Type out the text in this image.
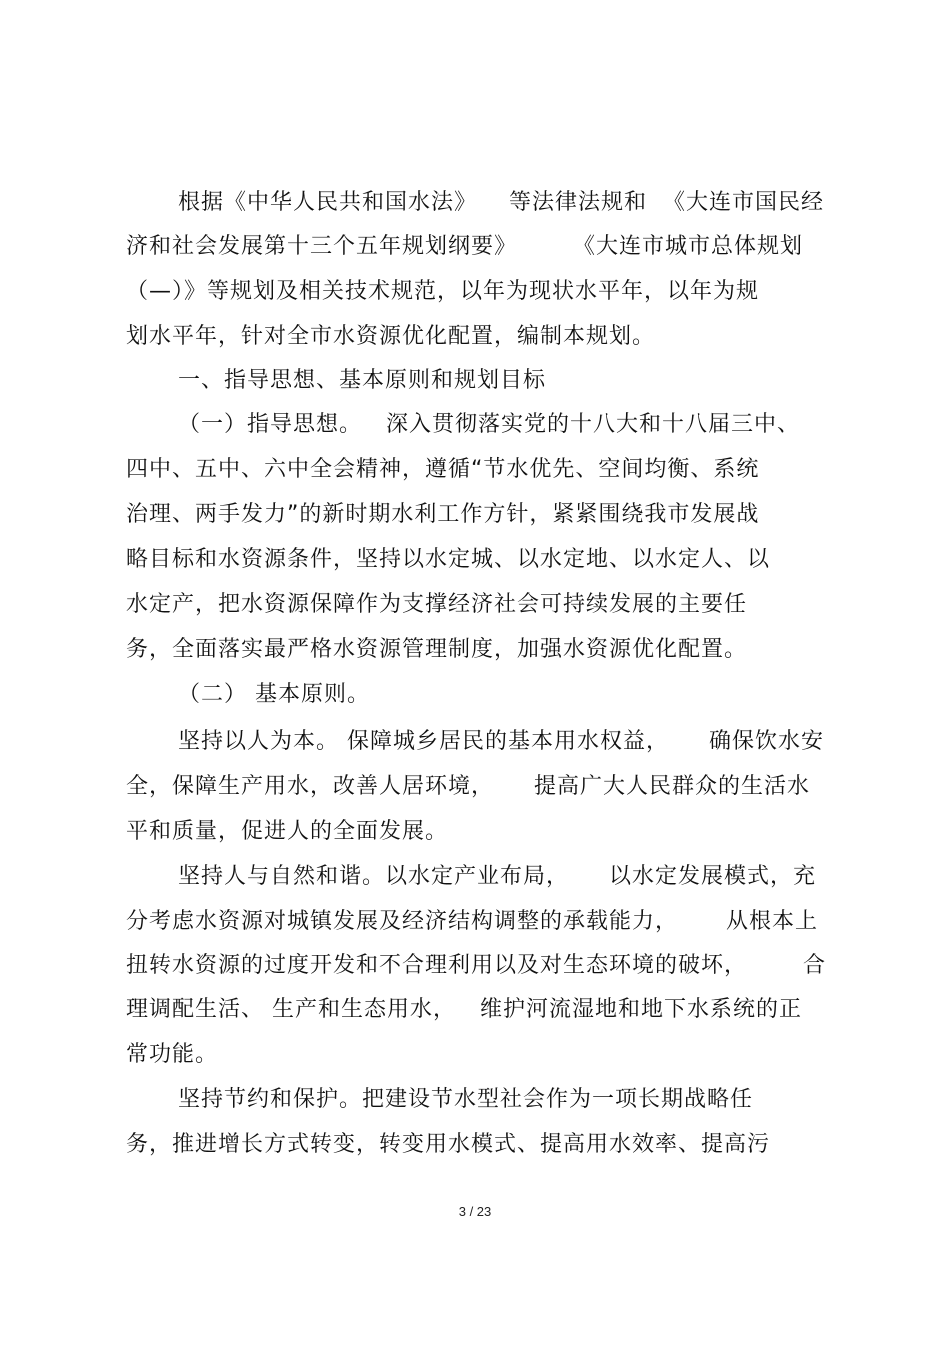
根据《中华人民共和国水法》    等法律法规和  《大连市国民经
济和社会发展第十三个五年规划纲要》       《大连市城市总体规划
（—）》等规划及相关技术规范，以年为现状水平年，以年为规
划水平年，针对全市水资源优化配置，编制本规划。
一、指导思想、基本原则和规划目标
（一）指导思想。   深入贯彻落实党的十八大和十八届三中、
四中、五中、六中全会精神，遵循“节水优先、空间均衡、系统
治理、两手发力”的新时期水利工作方针，紧紧围绕我市发展战
略目标和水资源条件，坚持以水定城、以水定地、以水定人、以
水定产，把水资源保障作为支撑经济社会可持续发展的主要任
务，全面落实最严格水资源管理制度，加强水资源优化配置。
（二） 基本原则。
坚持以人为本。 保障城乡居民的基本用水权益，     确保饮水安
全，保障生产用水，改善人居环境，     提高广大人民群众的生活水
平和质量，促进人的全面发展。
坚持人与自然和谐。以水定产业布局，     以水定发展模式，充
分考虑水资源对城镇发展及经济结构调整的承载能力，      从根本上
扭转水资源的过度开发和不合理利用以及对生态环境的破坏，       合
理调配生活、 生产和生态用水，   维护河流湿地和地下水系统的正
常功能。
坚持节约和保护。把建设节水型社会作为一项长期战略任
务，推进增长方式转变，转变用水模式、提高用水效率、提高污
3 / 23
